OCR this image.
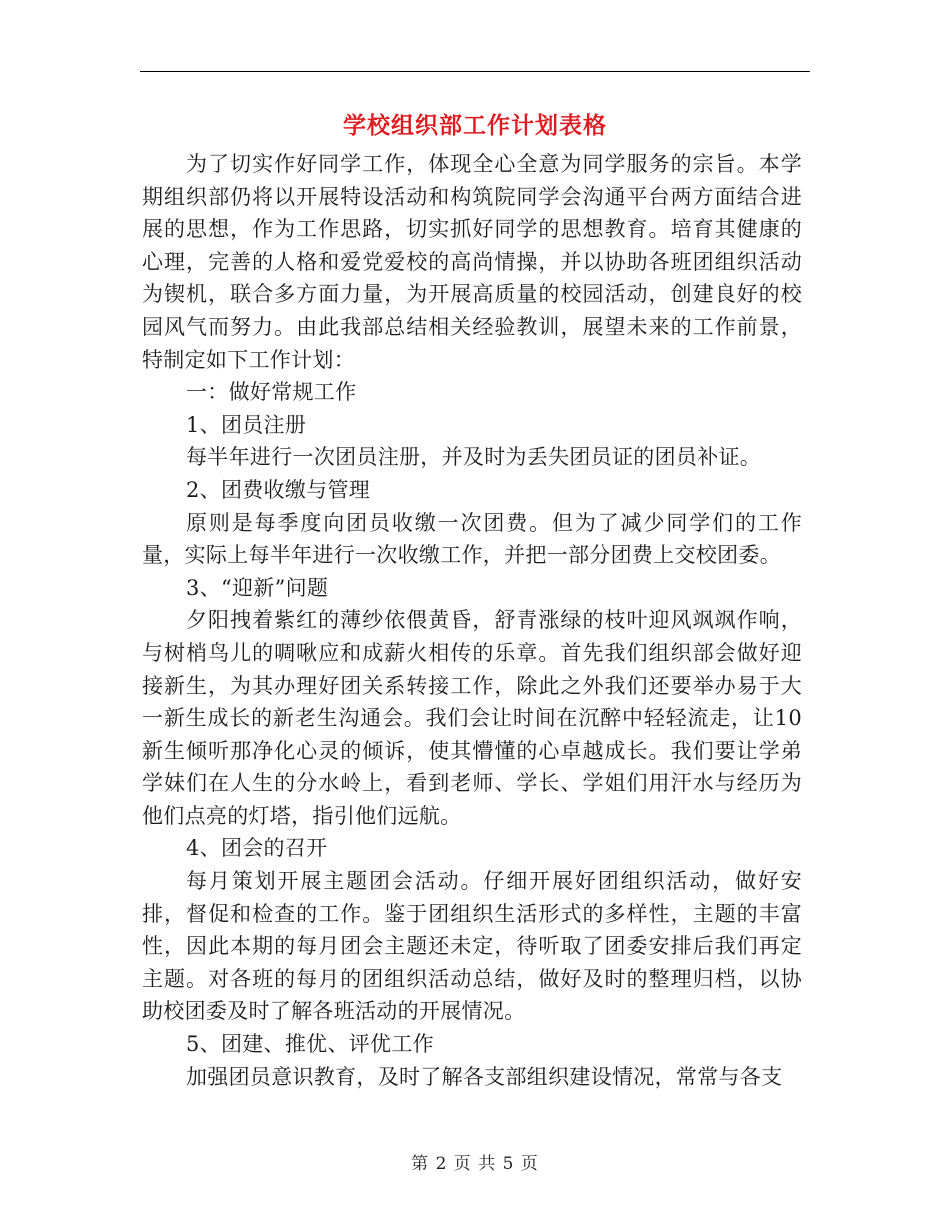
学校组织部工作计划表格

为了切实作好同学工作，体现全心全意为同学服务的宗旨。本学期组织部仍将以开展特设活动和构筑院同学会沟通平台两方面结合进展的思想，作为工作思路，切实抓好同学的思想教育。培育其健康的心理，完善的人格和爱党爱校的高尚情操，并以协助各班团组织活动为锲机，联合多方面力量，为开展高质量的校园活动，创建良好的校园风气而努力。由此我部总结相关经验教训，展望未来的工作前景，特制定如下工作计划：

一：做好常规工作

1、团员注册

每半年进行一次团员注册，并及时为丢失团员证的团员补证。

2、团费收缴与管理

原则是每季度向团员收缴一次团费。但为了减少同学们的工作量，实际上每半年进行一次收缴工作，并把一部分团费上交校团委。

3、“迎新”问题

夕阳拽着紫红的薄纱依偎黄昏，舒青涨绿的枝叶迎风飒飒作响，与树梢鸟儿的啁啾应和成薪火相传的乐章。首先我们组织部会做好迎接新生，为其办理好团关系转接工作，除此之外我们还要举办易于大一新生成长的新老生沟通会。我们会让时间在沉醉中轻轻流走，让10新生倾听那净化心灵的倾诉，使其懵懂的心卓越成长。我们要让学弟学妹们在人生的分水岭上，看到老师、学长、学姐们用汗水与经历为他们点亮的灯塔，指引他们远航。

4、团会的召开

每月策划开展主题团会活动。仔细开展好团组织活动，做好安排，督促和检查的工作。鉴于团组织生活形式的多样性，主题的丰富性，因此本期的每月团会主题还未定，待听取了团委安排后我们再定主题。对各班的每月的团组织活动总结，做好及时的整理归档，以协助校团委及时了解各班活动的开展情况。

5、团建、推优、评优工作

加强团员意识教育，及时了解各支部组织建设情况，常常与各支

第 2 页 共 5 页
